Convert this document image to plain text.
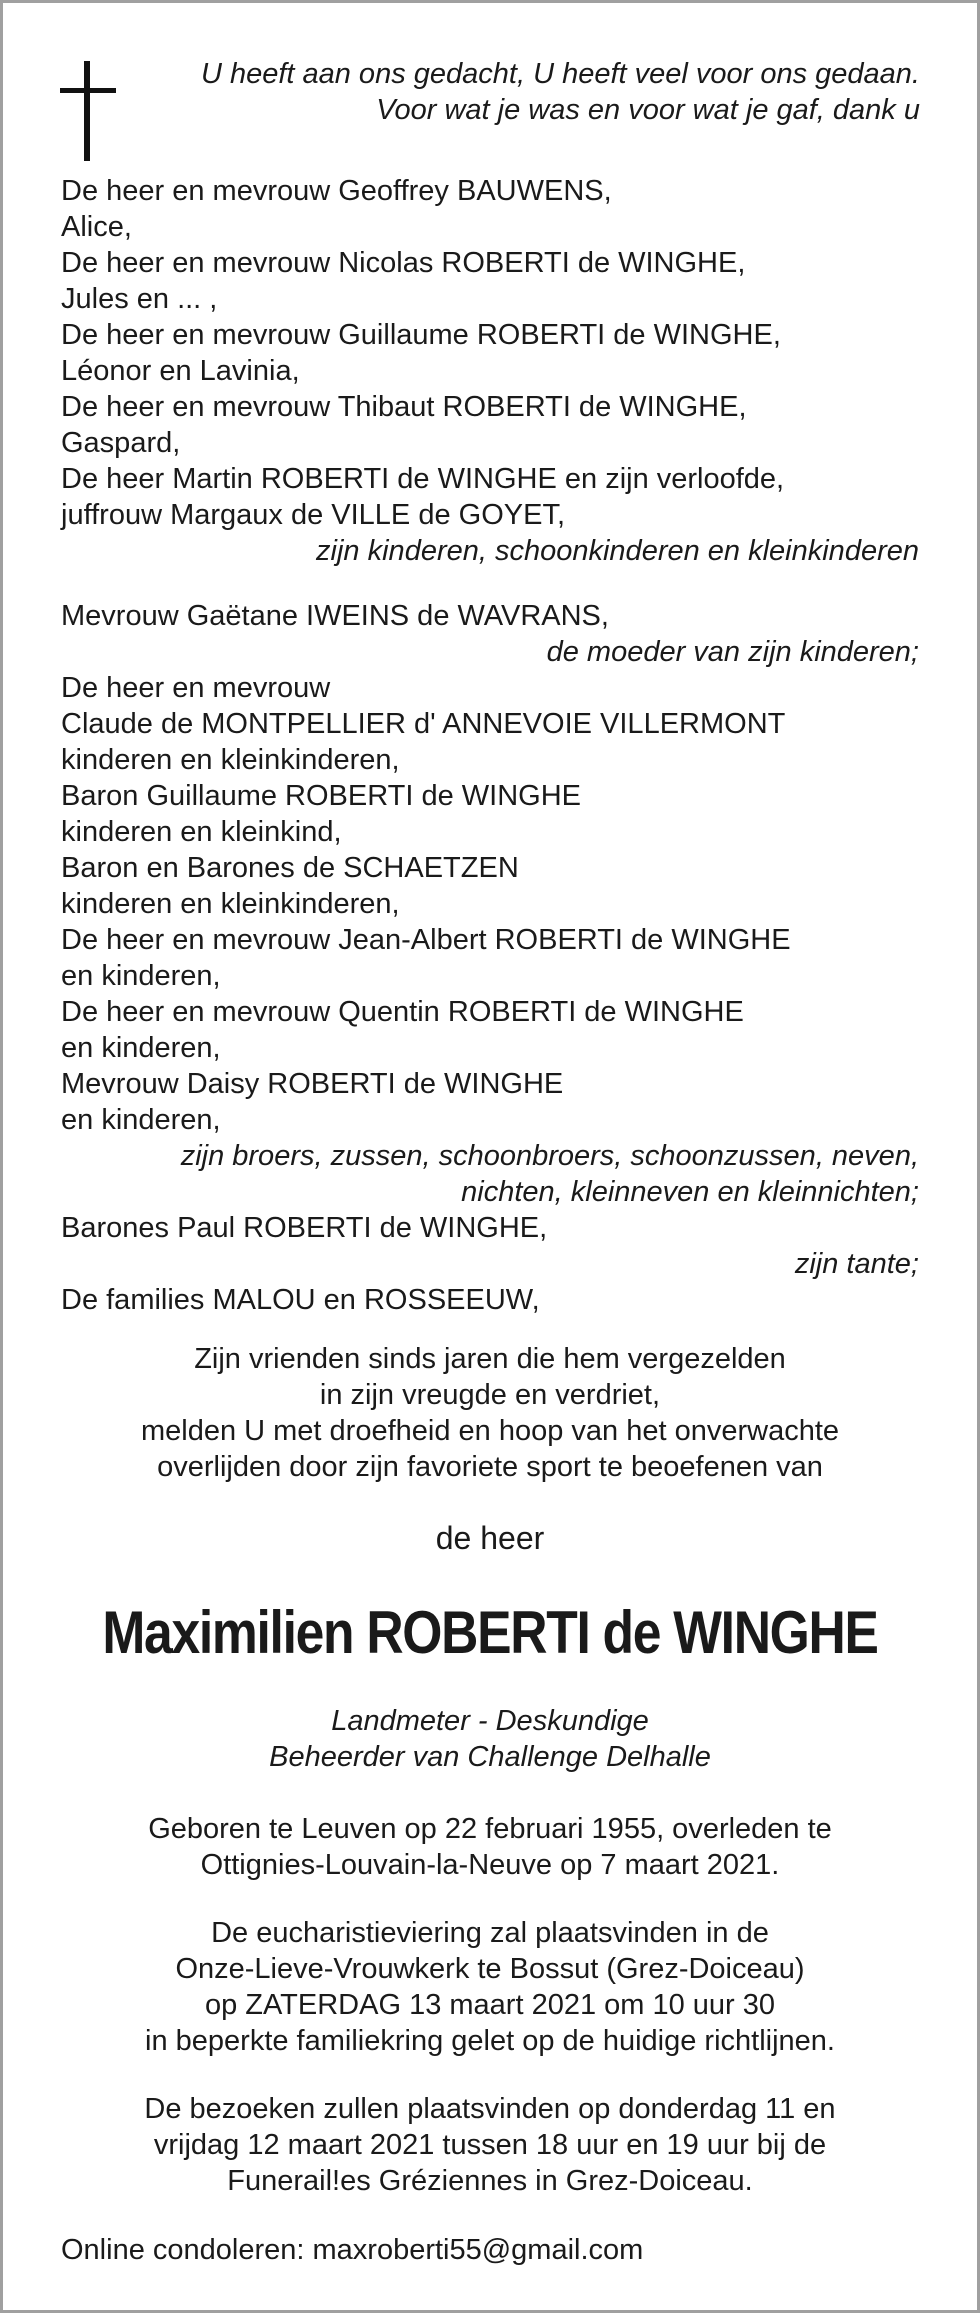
U heeft aan ons gedacht, U heeft veel voor ons gedaan.
Voor wat je was en voor wat je gaf, dank u
De heer en mevrouw Geoffrey BAUWENS,
Alice,
De heer en mevrouw Nicolas ROBERTI de WINGHE,
Jules en ... ,
De heer en mevrouw Guillaume ROBERTI de WINGHE,
Léonor en Lavinia,
De heer en mevrouw Thibaut ROBERTI de WINGHE,
Gaspard,
De heer Martin ROBERTI de WINGHE en zijn verloofde,
juffrouw Margaux de VILLE de GOYET,
zijn kinderen, schoonkinderen en kleinkinderen
Mevrouw Gaëtane IWEINS de WAVRANS,
de moeder van zijn kinderen;
De heer en mevrouw
Claude de MONTPELLIER d' ANNEVOIE VILLERMONT
kinderen en kleinkinderen,
Baron Guillaume ROBERTI de WINGHE
kinderen en kleinkind,
Baron en Barones de SCHAETZEN
kinderen en kleinkinderen,
De heer en mevrouw Jean-Albert ROBERTI de WINGHE
en kinderen,
De heer en mevrouw Quentin ROBERTI de WINGHE
en kinderen,
Mevrouw Daisy ROBERTI de WINGHE
en kinderen,
zijn broers, zussen, schoonbroers, schoonzussen, neven,
nichten, kleinneven en kleinnichten;
Barones Paul ROBERTI de WINGHE,
zijn tante;
De families MALOU en ROSSEEUW,
Zijn vrienden sinds jaren die hem vergezelden
in zijn vreugde en verdriet,
melden U met droefheid en hoop van het onverwachte
overlijden door zijn favoriete sport te beoefenen van
de heer
Maximilien ROBERTI de WINGHE
Landmeter - Deskundige
Beheerder van Challenge Delhalle
Geboren te Leuven op 22 februari 1955, overleden te
Ottignies-Louvain-la-Neuve op 7 maart 2021.
De eucharistieviering zal plaatsvinden in de
Onze-Lieve-Vrouwkerk te Bossut (Grez-Doiceau)
op ZATERDAG 13 maart 2021 om 10 uur 30
in beperkte familiekring gelet op de huidige richtlijnen.
De bezoeken zullen plaatsvinden op donderdag 11 en
vrijdag 12 maart 2021 tussen 18 uur en 19 uur bij de
Funerail!es Gréziennes in Grez-Doiceau.
Online condoleren: maxroberti55@gmail.com
